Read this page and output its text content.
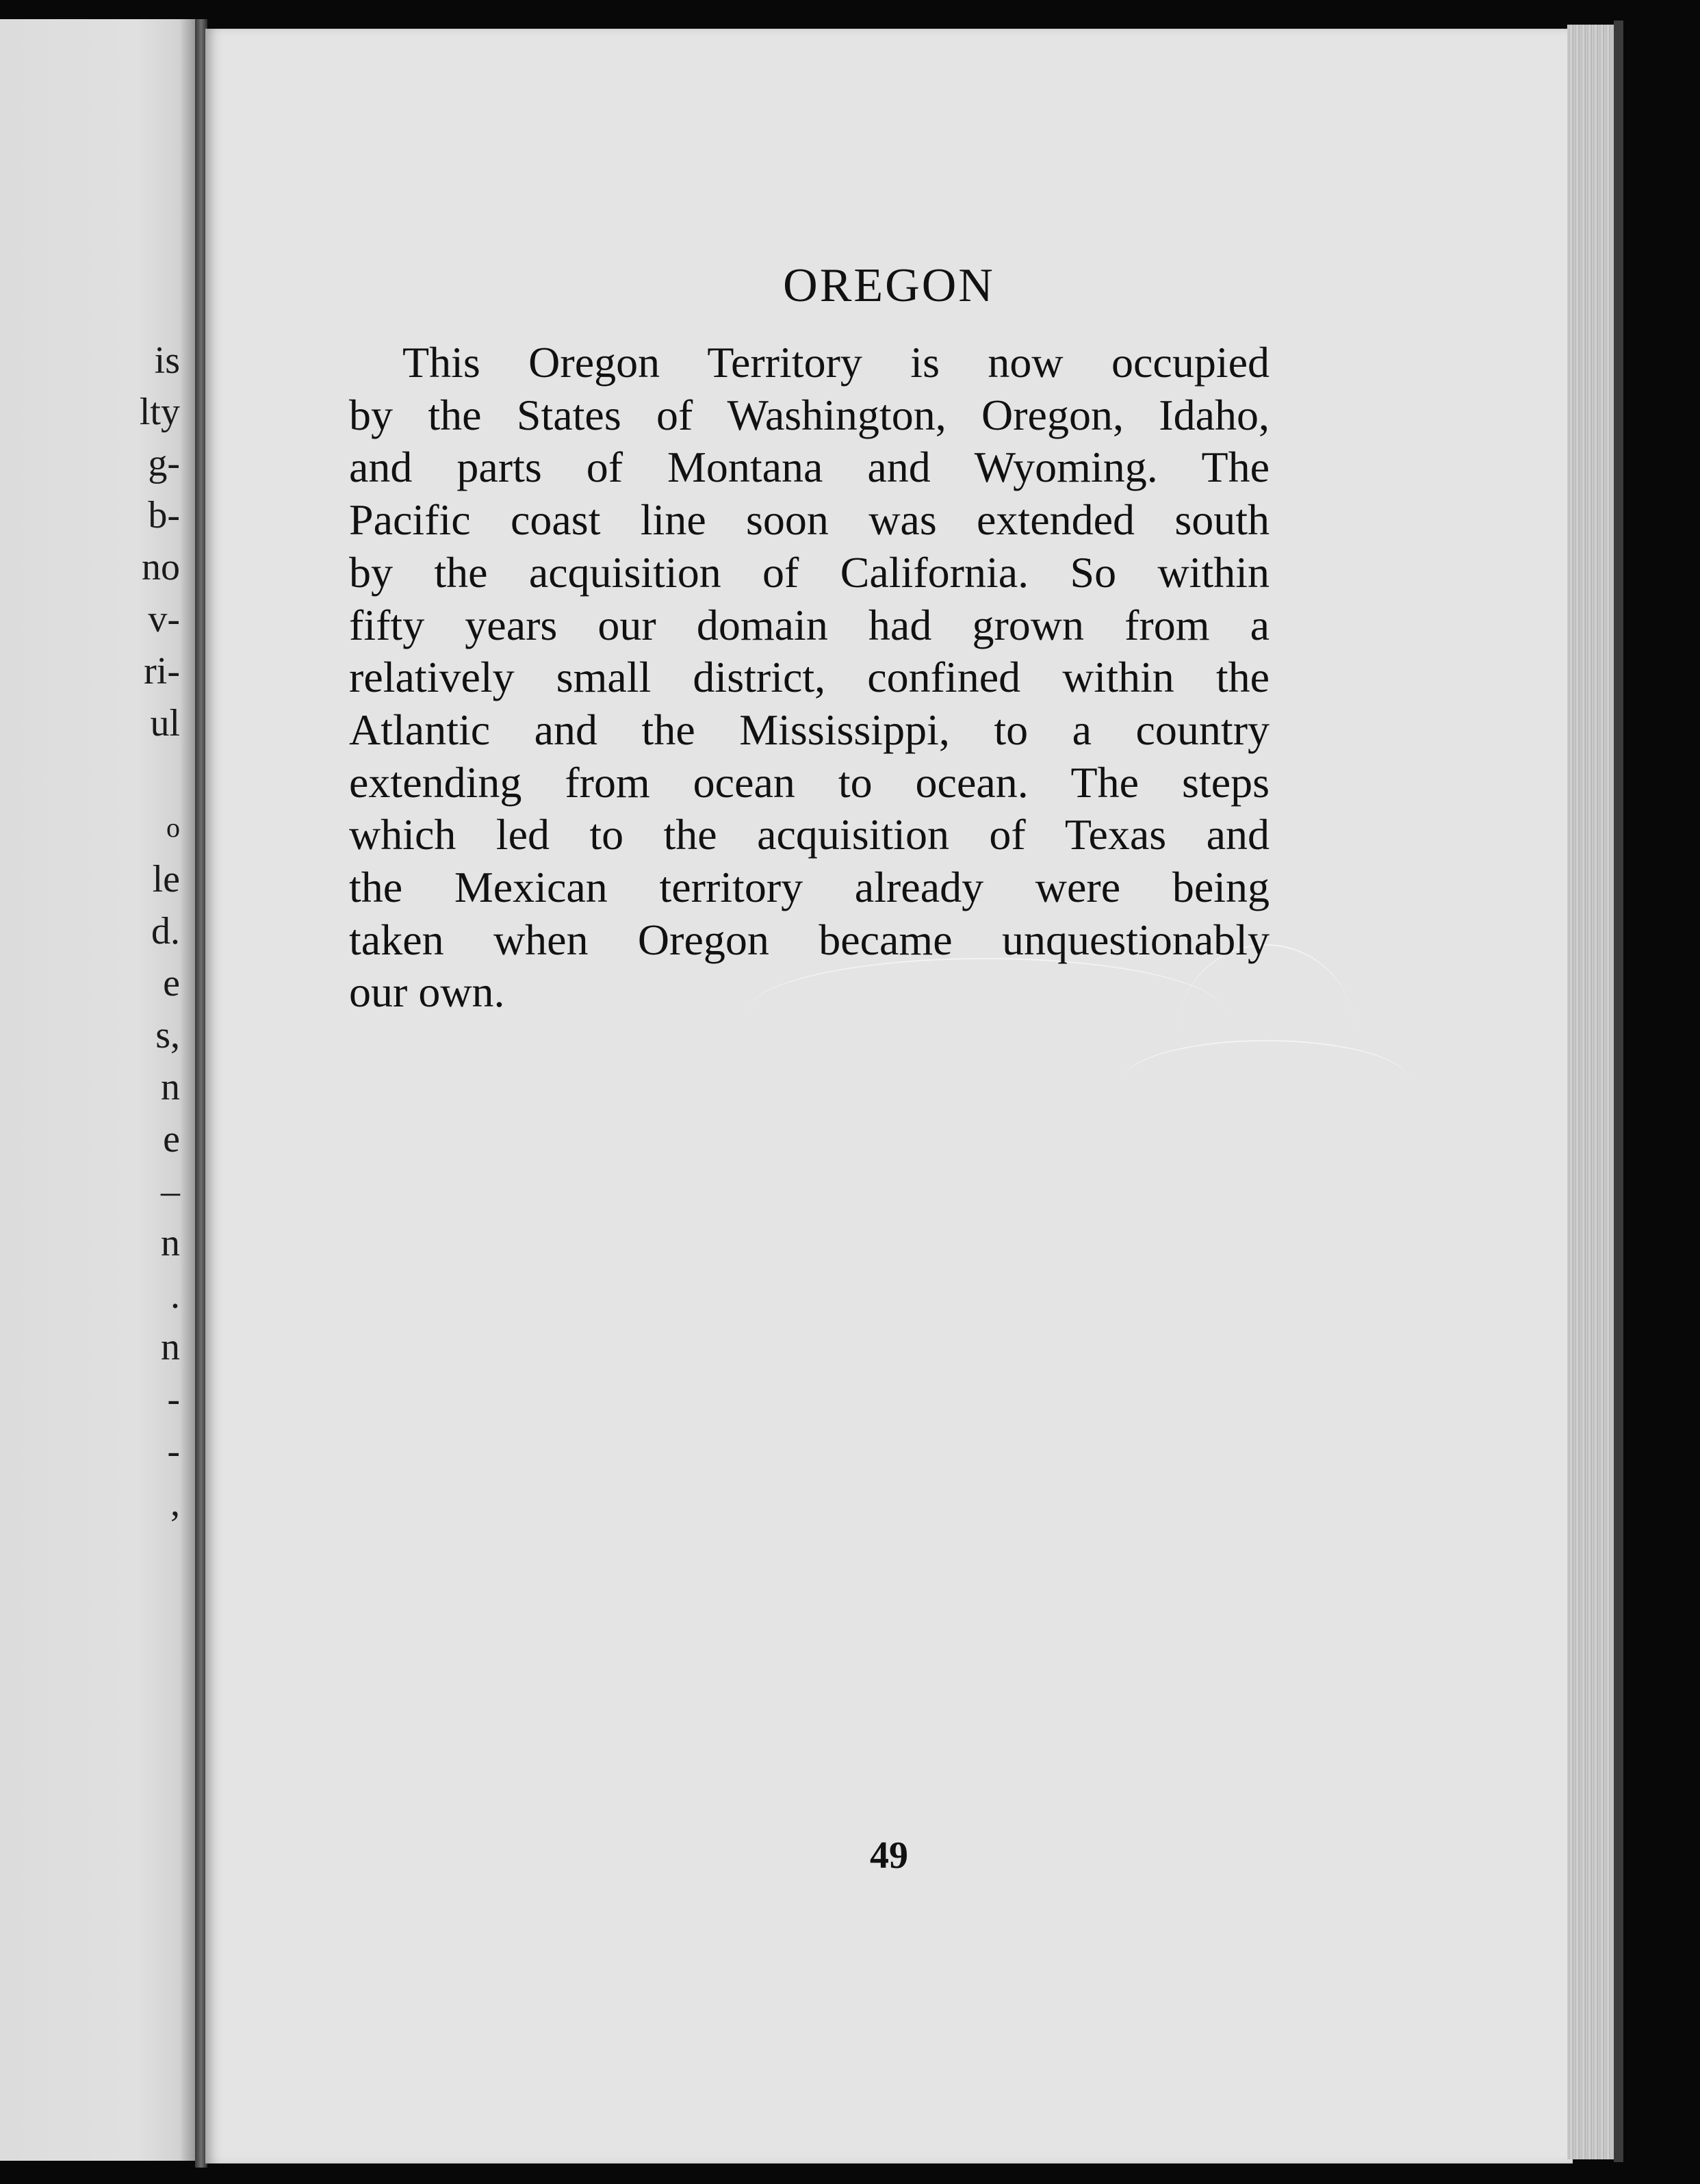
is
lty
g-
b-
no
v-
ri-
ul
o
le
d.
e
s,
n
e
–
n
.
n
-
-
,
OREGON
This Oregon Territory is now occupied
by the States of Washington, Oregon, Idaho,
and parts of Montana and Wyoming. The
Pacific coast line soon was extended south
by the acquisition of California. So within
fifty years our domain had grown from a
relatively small district, confined within the
Atlantic and the Mississippi, to a country
extending from ocean to ocean. The steps
which led to the acquisition of Texas and
the Mexican territory already were being
taken when Oregon became unquestionably
our own.
49
